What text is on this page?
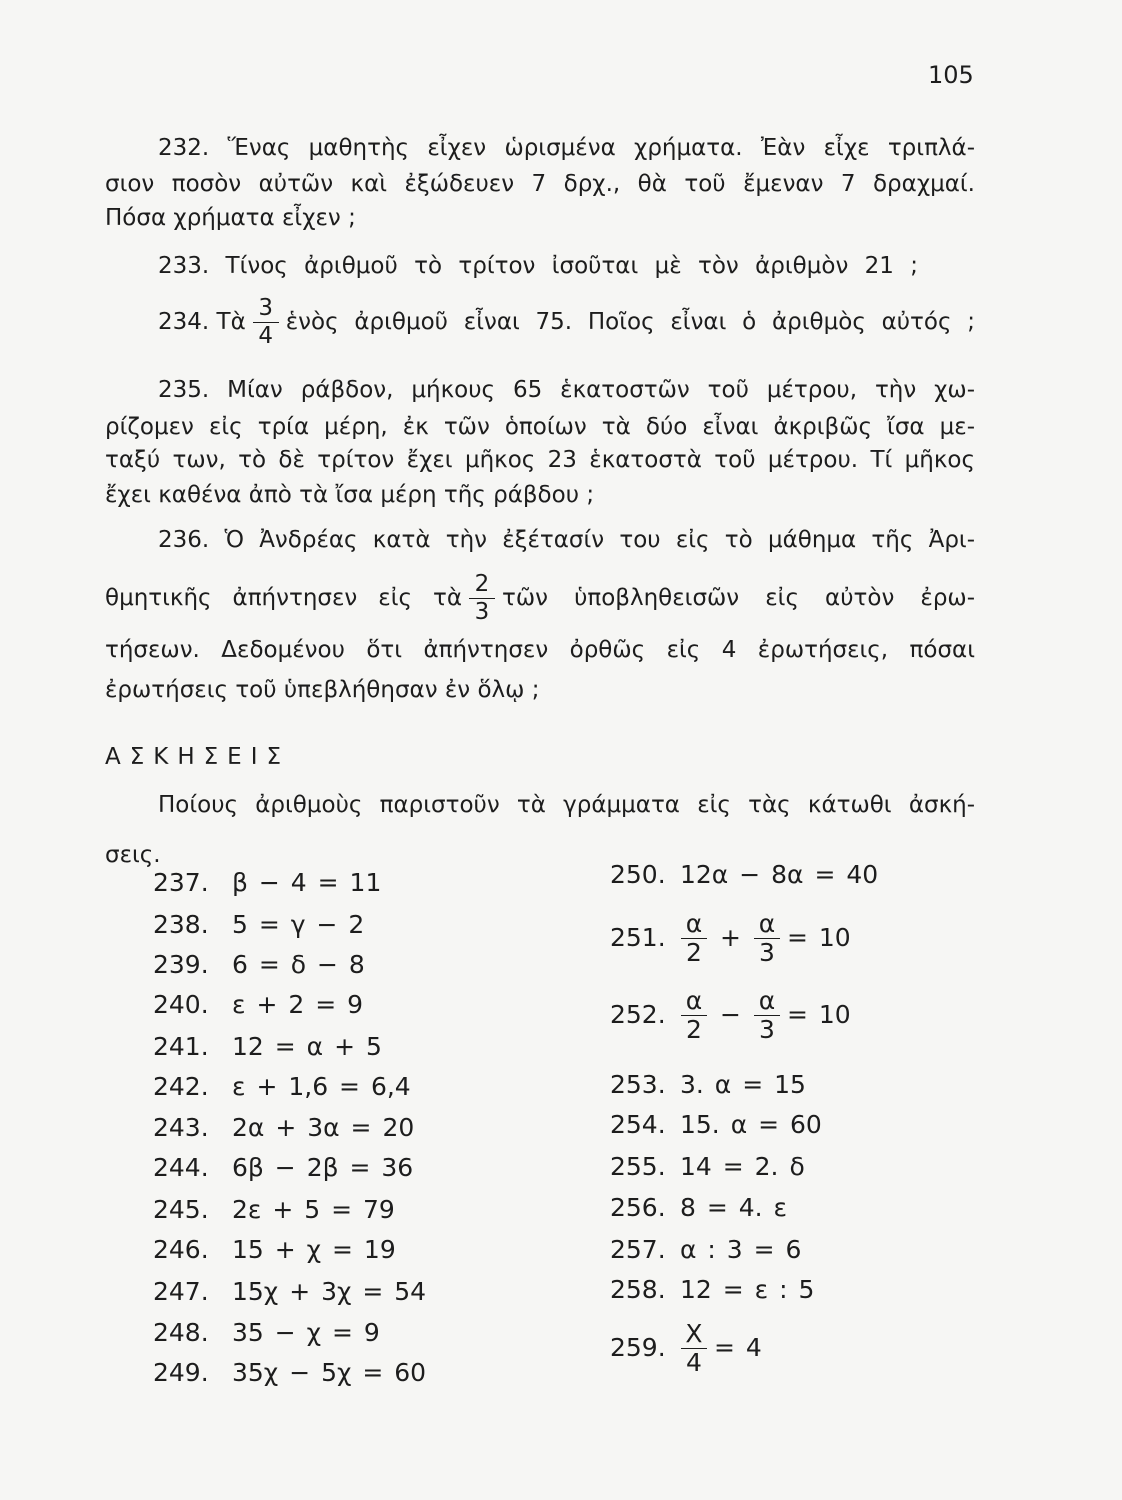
105
232. Ἕνας μαθητὴς εἶχεν ὡρισμένα χρήματα. Ἐὰν εἶχε τριπλά-
σιον ποσὸν αὐτῶν καὶ ἐξώδευεν 7 δρχ., θὰ τοῦ ἔμεναν 7 δραχμαί.
Πόσα χρήματα εἶχεν ;
233. Τίνος ἀριθμοῦ τὸ τρίτον ἰσοῦται μὲ τὸν ἀριθμὸν 21 ;
234. Τὰ $\frac{3}{4}$ ἑνὸς ἀριθμοῦ εἶναι 75. Ποῖος εἶναι ὁ ἀριθμὸς αὐτός ;
235. Μίαν ράβδον, μήκους 65 ἑκατοστῶν τοῦ μέτρου, τὴν χω-
ρίζομεν εἰς τρία μέρη, ἐκ τῶν ὁποίων τὰ δύο εἶναι ἀκριβῶς ἴσα με-
ταξύ των, τὸ δὲ τρίτον ἔχει μῆκος 23 ἑκατοστὰ τοῦ μέτρου. Τί μῆκος
ἔχει καθένα ἀπὸ τὰ ἴσα μέρη τῆς ράβδου ;
236. Ὁ Ἀνδρέας κατὰ τὴν ἐξέτασίν του εἰς τὸ μάθημα τῆς Ἀρι-
θμητικῆς ἀπήντησεν εἰς τὰ $\frac{2}{3}$ τῶν ὑποβληθεισῶν εἰς αὐτὸν ἐρω-
τήσεων. Δεδομένου ὅτι ἀπήντησεν ὀρθῶς εἰς 4 ἐρωτήσεις, πόσαι
ἐρωτήσεις τοῦ ὑπεβλήθησαν ἐν ὅλῳ ;
ΑΣΚΗΣΕΙΣ
Ποίους ἀριθμοὺς παριστοῦν τὰ γράμματα εἰς τὰς κάτωθι ἀσκή-
σεις.
237. β − 4 = 11
238. 5 = γ − 2
239. 6 = δ − 8
240. ε + 2 = 9
241. 12 = α + 5
242. ε + 1,6 = 6,4
243. 2α + 3α = 20
244. 6β − 2β = 36
245. 2ε + 5 = 79
246. 15 + χ = 19
247. 15χ + 3χ = 54
248. 35 − χ = 9
249. 35χ − 5χ = 60
250. 12α − 8α = 40
251. $\frac{\alpha}{2} + \frac{\alpha}{3} = 10$
252. $\frac{\alpha}{2} - \frac{\alpha}{3} = 10$
253. 3. α = 15
254. 15. α = 60
255. 14 = 2. δ
256. 8 = 4. ε
257. α : 3 = 6
258. 12 = ε : 5
259. $\frac{X}{4} = 4$
